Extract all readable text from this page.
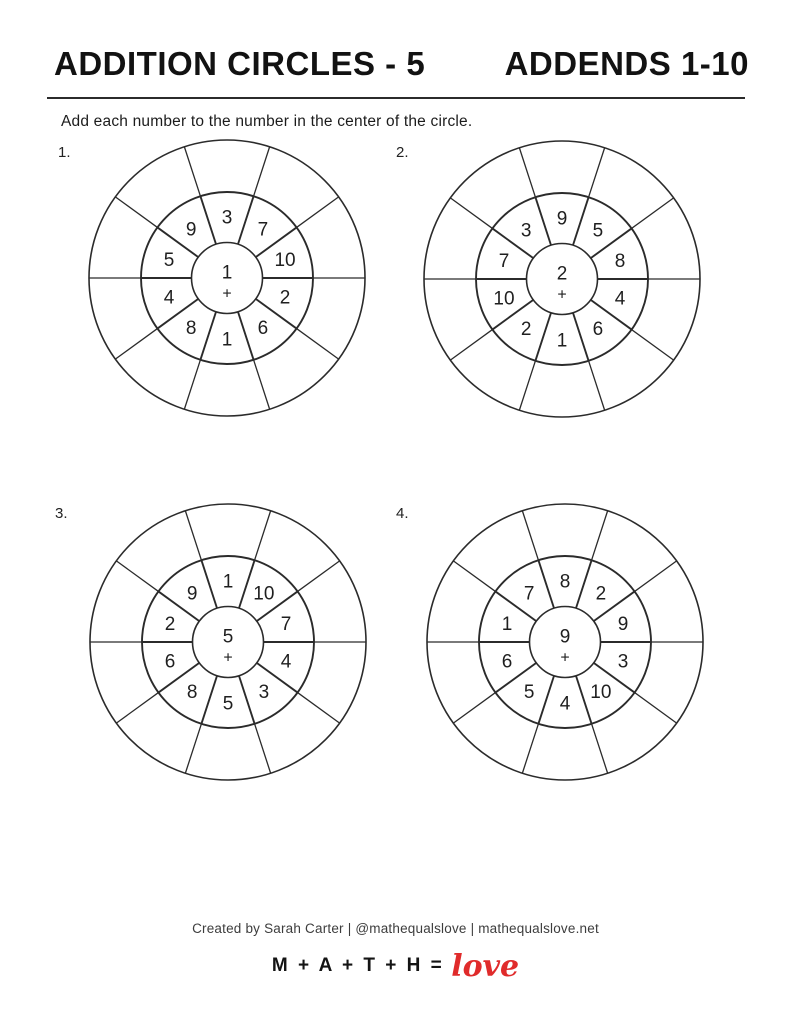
ADDITION CIRCLES - 5 ADDENDS 1-10

Add each number to the number in the center of the circle.

1.
3
7
10
2
6
1
8
4
5
9
1
+
2.
9
5
8
4
6
1
2
10
7
3
2
+
3.
1
10
7
4
3
5
8
6
2
9
5
+
4.
8
2
9
3
10
4
5
6
1
7
9
+

Created by Sarah Carter | @mathequalslove | mathequalslove.net

M + A + T + H = love
